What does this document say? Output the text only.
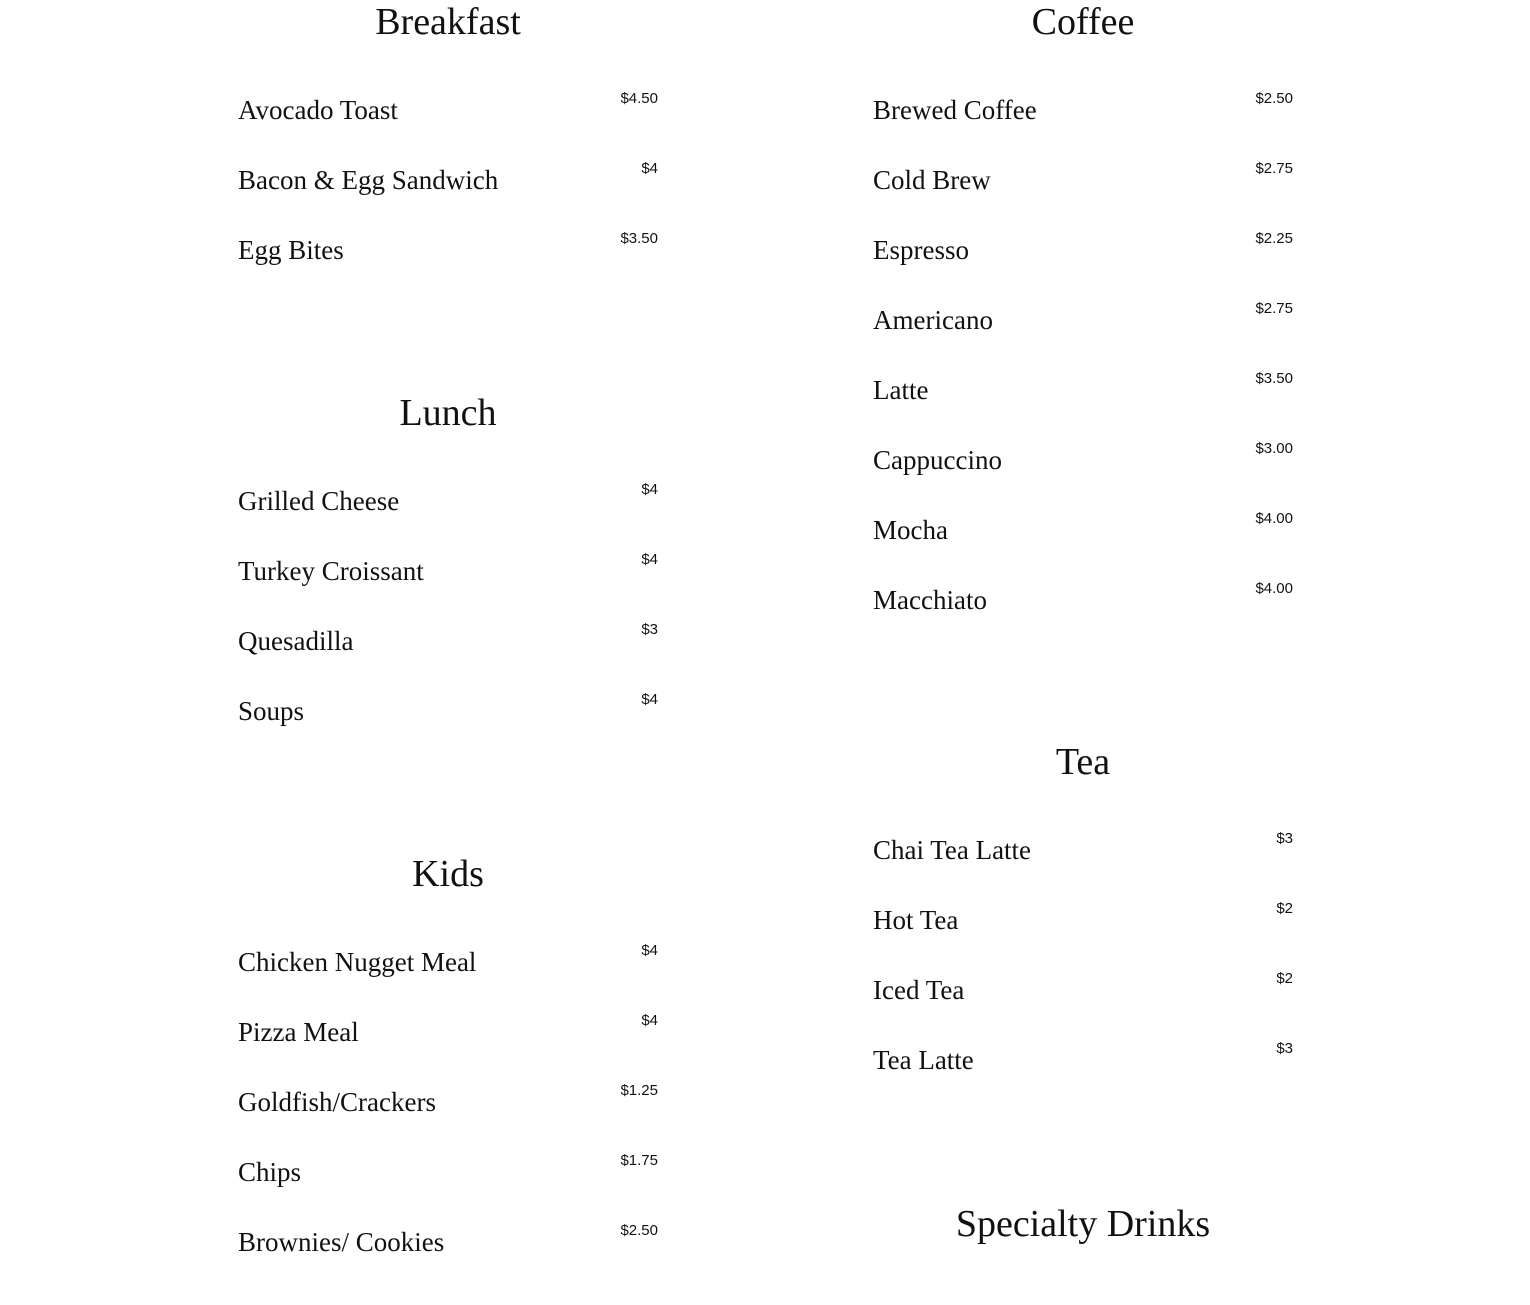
Breakfast
Avocado Toast	$4.50
Bacon & Egg Sandwich	$4
Egg Bites	$3.50
Lunch
Grilled Cheese	$4
Turkey Croissant	$4
Quesadilla	$3
Soups	$4
Kids
Chicken Nugget Meal	$4
Pizza Meal	$4
Goldfish/Crackers	$1.25
Chips	$1.75
Brownies/ Cookies	$2.50
Coffee
Brewed Coffee	$2.50
Cold Brew	$2.75
Espresso	$2.25
Americano	$2.75
Latte	$3.50
Cappuccino	$3.00
Mocha	$4.00
Macchiato	$4.00
Tea
Chai Tea Latte	$3
Hot Tea	$2
Iced Tea	$2
Tea Latte	$3
Specialty Drinks
